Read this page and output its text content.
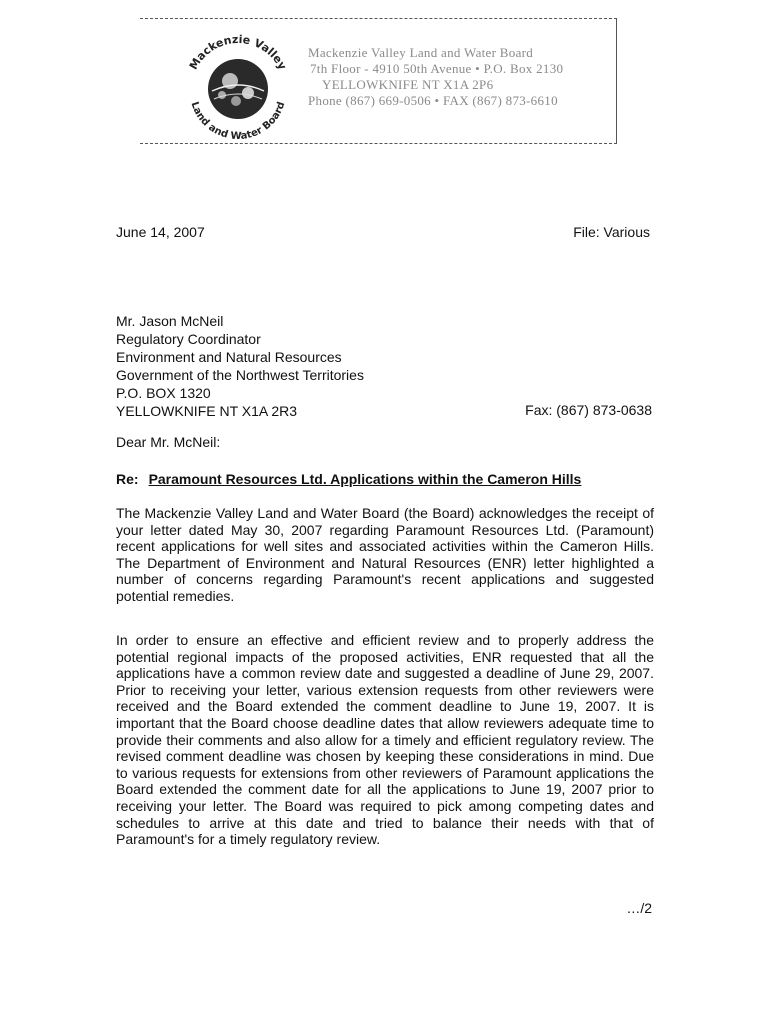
Mackenzie Valley
Land and Water Board
Mackenzie Valley Land and Water Board
7th Floor - 4910 50th Avenue • P.O. Box 2130
YELLOWKNIFE NT X1A 2P6
Phone (867) 669-0506 • FAX (867) 873-6610
June 14, 2007	File: Various
Mr. Jason McNeil
Regulatory Coordinator
Environment and Natural Resources
Government of the Northwest Territories
P.O. BOX 1320
YELLOWKNIFE NT X1A 2R3	Fax: (867) 873-0638
Dear Mr. McNeil:
Re: Paramount Resources Ltd. Applications within the Cameron Hills
The Mackenzie Valley Land and Water Board (the Board) acknowledges the receipt of your letter dated May 30, 2007 regarding Paramount Resources Ltd. (Paramount) recent applications for well sites and associated activities within the Cameron Hills. The Department of Environment and Natural Resources (ENR) letter highlighted a number of concerns regarding Paramount's recent applications and suggested potential remedies.
In order to ensure an effective and efficient review and to properly address the potential regional impacts of the proposed activities, ENR requested that all the applications have a common review date and suggested a deadline of June 29, 2007. Prior to receiving your letter, various extension requests from other reviewers were received and the Board extended the comment deadline to June 19, 2007. It is important that the Board choose deadline dates that allow reviewers adequate time to provide their comments and also allow for a timely and efficient regulatory review. The revised comment deadline was chosen by keeping these considerations in mind. Due to various requests for extensions from other reviewers of Paramount applications the Board extended the comment date for all the applications to June 19, 2007 prior to receiving your letter. The Board was required to pick among competing dates and schedules to arrive at this date and tried to balance their needs with that of Paramount's for a timely regulatory review.
…/2
